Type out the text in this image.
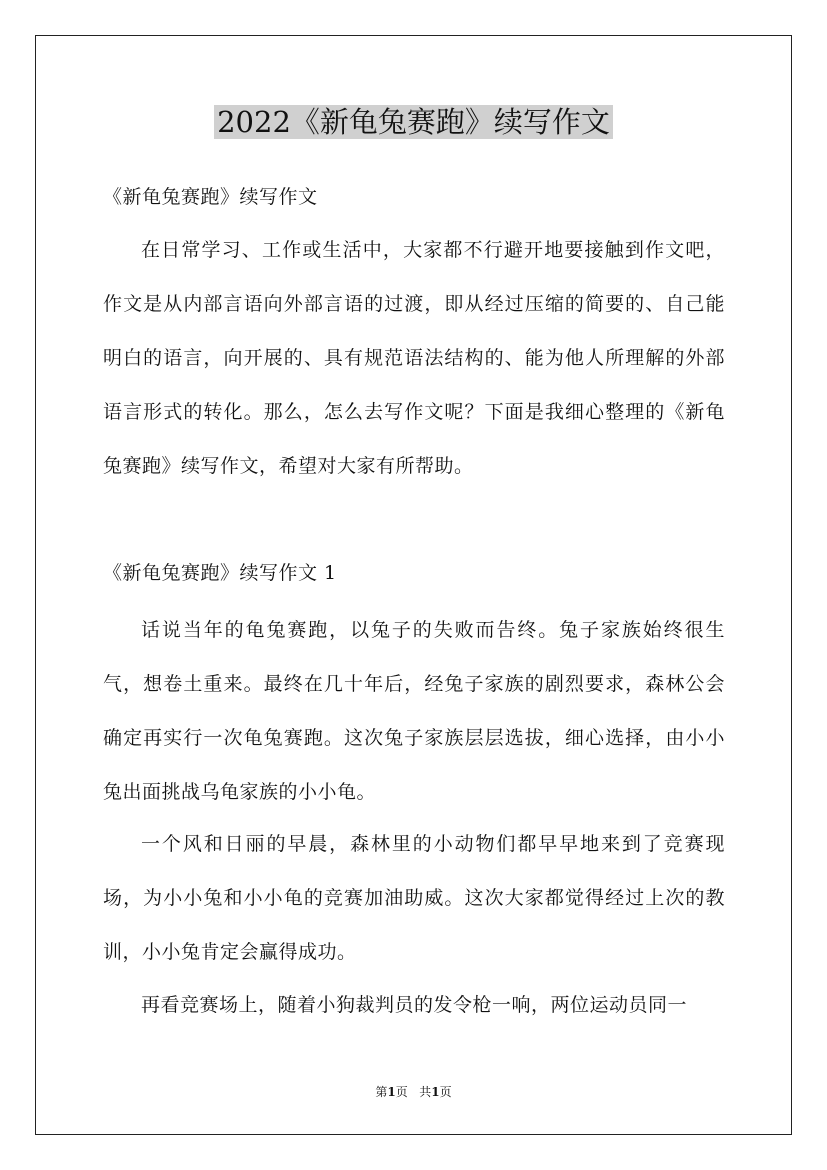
2022《新龟兔赛跑》续写作文

《新龟兔赛跑》续写作文

在日常学习、工作或生活中，大家都不行避开地要接触到作文吧，作文是从内部言语向外部言语的过渡，即从经过压缩的简要的、自己能明白的语言，向开展的、具有规范语法结构的、能为他人所理解的外部语言形式的转化。那么，怎么去写作文呢？下面是我细心整理的《新龟兔赛跑》续写作文，希望对大家有所帮助。

《新龟兔赛跑》续写作文 1

话说当年的龟兔赛跑，以兔子的失败而告终。兔子家族始终很生气，想卷土重来。最终在几十年后，经兔子家族的剧烈要求，森林公会确定再实行一次龟兔赛跑。这次兔子家族层层选拔，细心选择，由小小兔出面挑战乌龟家族的小小龟。

一个风和日丽的早晨，森林里的小动物们都早早地来到了竞赛现场，为小小兔和小小龟的竞赛加油助威。这次大家都觉得经过上次的教训，小小兔肯定会赢得成功。

再看竞赛场上，随着小狗裁判员的发令枪一响，两位运动员同一

第1页 共1页
